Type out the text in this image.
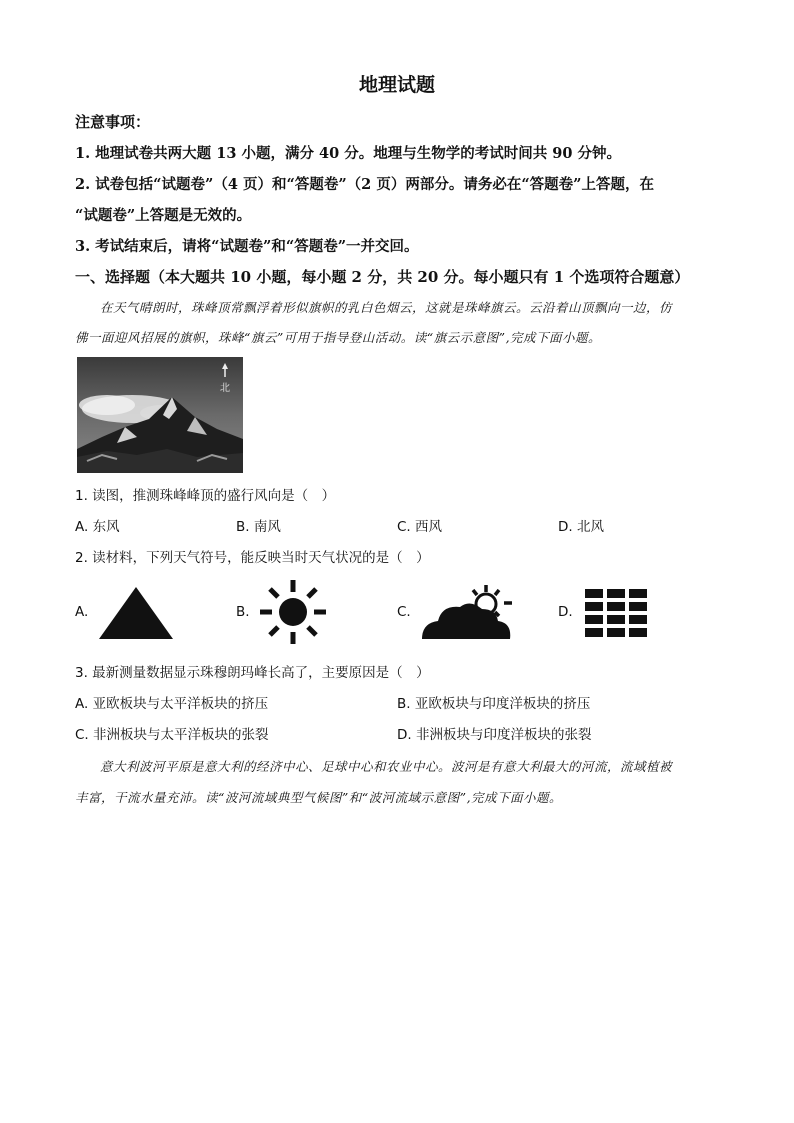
地理试题
注意事项：
1. 地理试卷共两大题 13 小题，满分 40 分。地理与生物学的考试时间共 90 分钟。
2. 试卷包括“试题卷”（4 页）和“答题卷”（2 页）两部分。请务必在“答题卷”上答题，在
“试题卷”上答题是无效的。
3. 考试结束后，请将“试题卷”和“答题卷”一并交回。
一、选择题（本大题共 10 小题，每小题 2 分，共 20 分。每小题只有 1 个选项符合题意）
在天气晴朗时，珠峰顶常飘浮着形似旗帜的乳白色烟云，这就是珠峰旗云。云沿着山顶飘向一边，仿
佛一面迎风招展的旗帜，珠峰“旗云”可用于指导登山活动。读“旗云示意图”,完成下面小题。
北
1. 读图，推测珠峰峰顶的盛行风向是（　）
A. 东风	B. 南风	C. 西风	D. 北风
2. 读材料，下列天气符号，能反映当时天气状况的是（　）
A.	B.	C.	D.
3. 最新测量数据显示珠穆朗玛峰长高了，主要原因是（　）
A. 亚欧板块与太平洋板块的挤压	B. 亚欧板块与印度洋板块的挤压
C. 非洲板块与太平洋板块的张裂	D. 非洲板块与印度洋板块的张裂
意大利波河平原是意大利的经济中心、足球中心和农业中心。波河是有意大利最大的河流，流域植被
丰富，干流水量充沛。读“波河流域典型气候图”和“波河流域示意图”,完成下面小题。
